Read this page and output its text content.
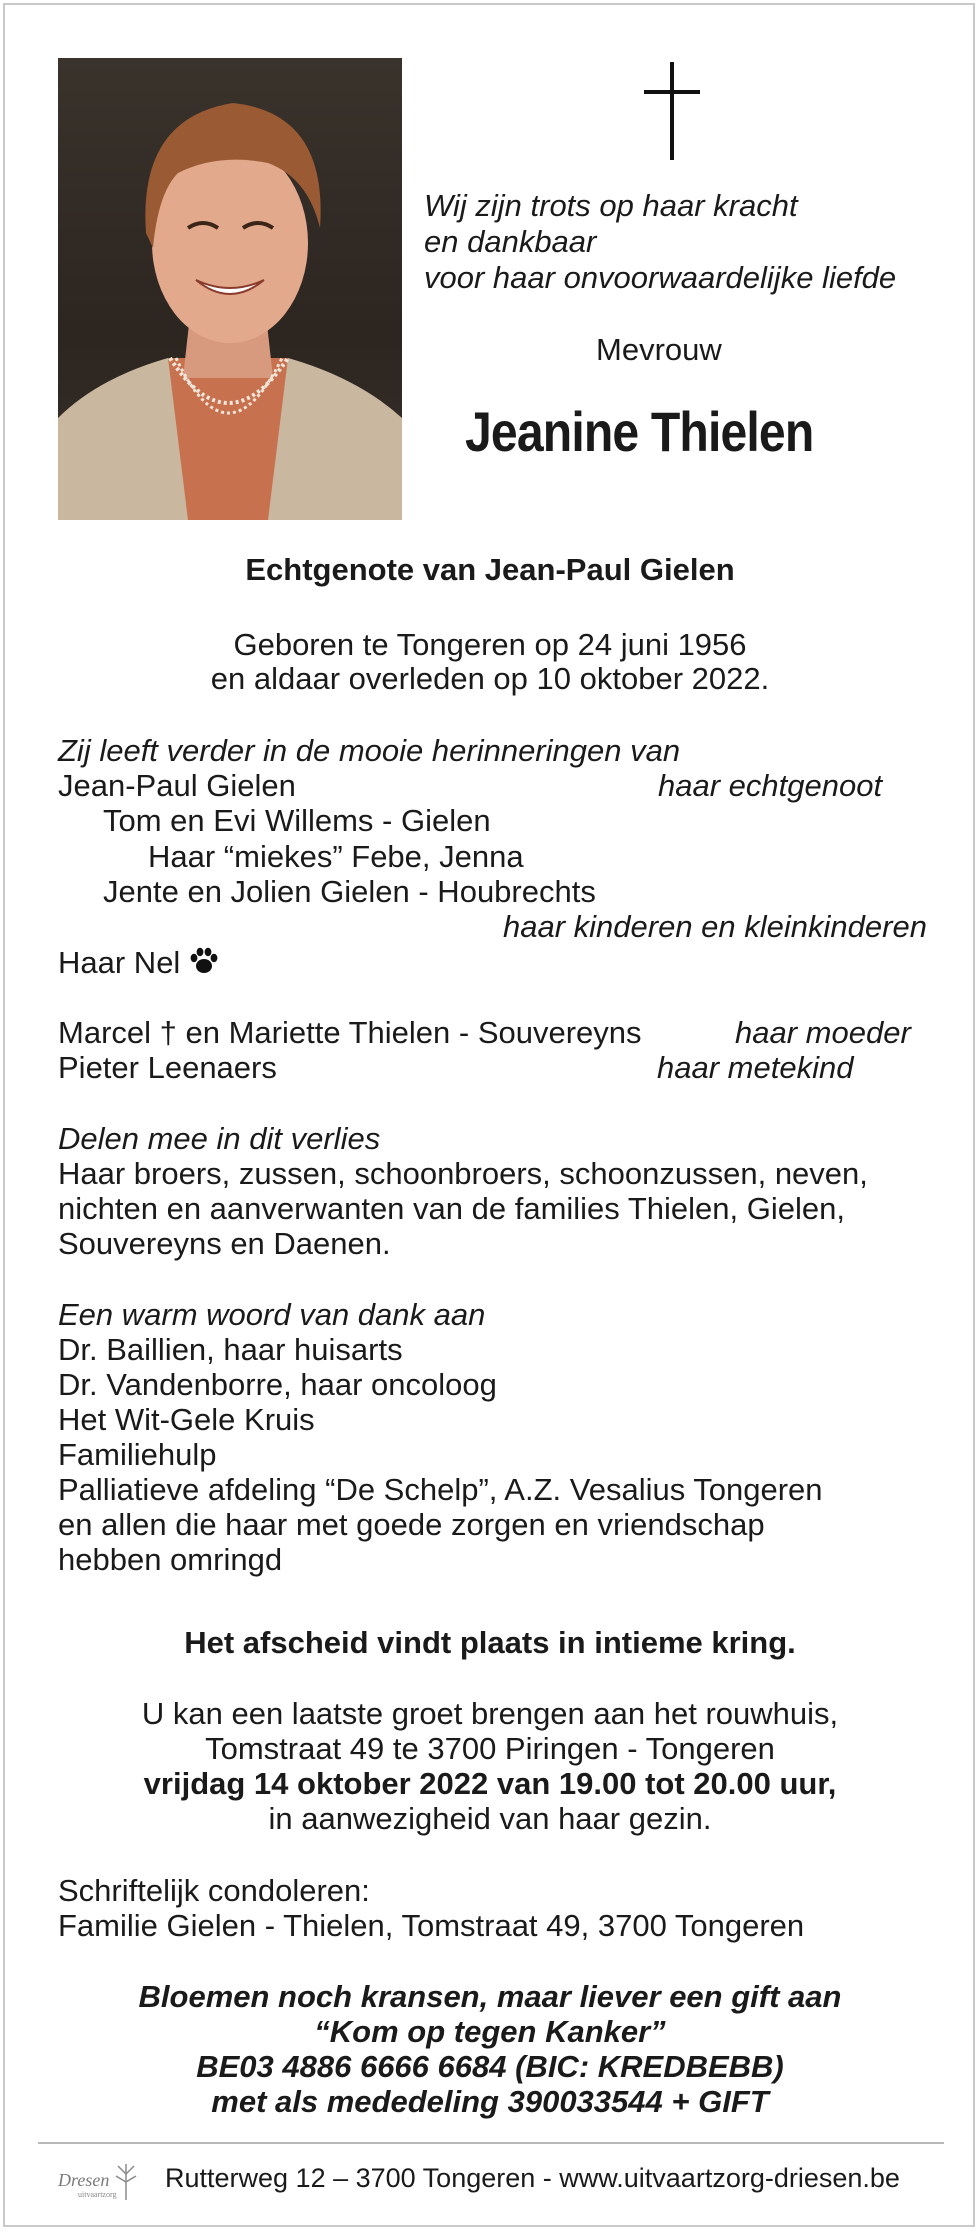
Wij zijn trots op haar kracht
en dankbaar
voor haar onvoorwaardelijke liefde
Mevrouw
Jeanine Thielen
Echtgenote van Jean-Paul Gielen
Geboren te Tongeren op 24 juni 1956
en aldaar overleden op 10 oktober 2022.
Zij leeft verder in de mooie herinneringen van
Jean-Paul Gielen	haar echtgenoot
Tom en Evi Willems - Gielen
Haar “miekes” Febe, Jenna
Jente en Jolien Gielen - Houbrechts
haar kinderen en kleinkinderen
Haar Nel
Marcel † en Mariette Thielen - Souvereyns	haar moeder
Pieter Leenaers	haar metekind
Delen mee in dit verlies
Haar broers, zussen, schoonbroers, schoonzussen, neven,
nichten en aanverwanten van de families Thielen, Gielen,
Souvereyns en Daenen.
Een warm woord van dank aan
Dr. Baillien, haar huisarts
Dr. Vandenborre, haar oncoloog
Het Wit-Gele Kruis
Familiehulp
Palliatieve afdeling “De Schelp”, A.Z. Vesalius Tongeren
en allen die haar met goede zorgen en vriendschap
hebben omringd
Het afscheid vindt plaats in intieme kring.
U kan een laatste groet brengen aan het rouwhuis,
Tomstraat 49 te 3700 Piringen - Tongeren
vrijdag 14 oktober 2022 van 19.00 tot 20.00 uur,
in aanwezigheid van haar gezin.
Schriftelijk condoleren:
Familie Gielen - Thielen, Tomstraat 49, 3700 Tongeren
Bloemen noch kransen, maar liever een gift aan
“Kom op tegen Kanker”
BE03 4886 6666 6684 (BIC: KREDBEBB)
met als mededeling 390033544 + GIFT
Dresen
uitvaartzorg
Rutterweg 12 – 3700 Tongeren - www.uitvaartzorg-driesen.be
